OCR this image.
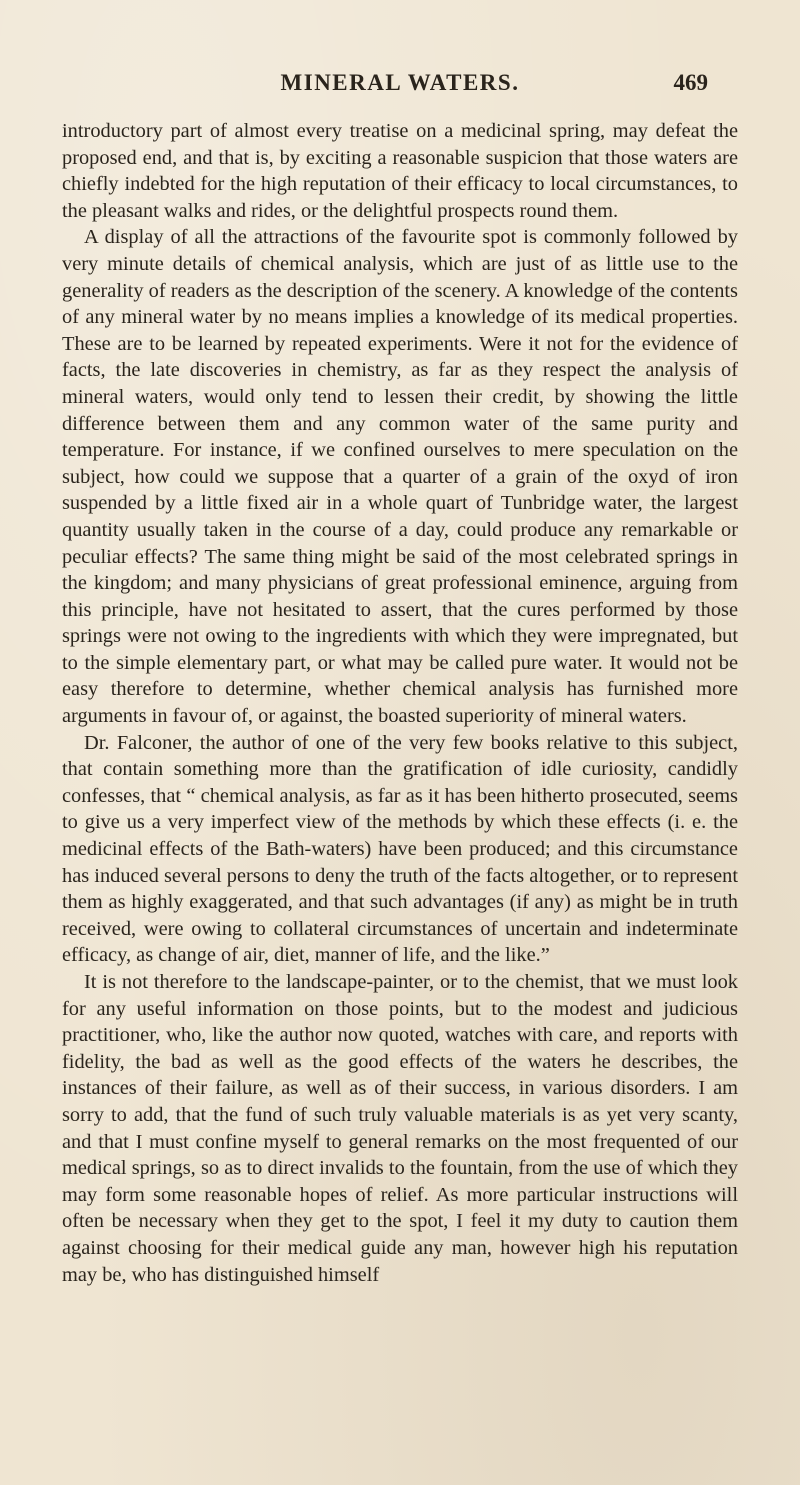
MINERAL WATERS.	469

introductory part of almost every treatise on a medicinal spring, may defeat the proposed end, and that is, by exciting a reasonable suspicion that those waters are chiefly indebted for the high reputation of their efficacy to local circumstances, to the pleasant walks and rides, or the delightful prospects round them.

A display of all the attractions of the favourite spot is commonly followed by very minute details of chemical analysis, which are just of as little use to the generality of readers as the description of the scenery. A knowledge of the contents of any mineral water by no means implies a knowledge of its medical properties. These are to be learned by repeated experiments. Were it not for the evidence of facts, the late discoveries in chemistry, as far as they respect the analysis of mineral waters, would only tend to lessen their credit, by showing the little difference between them and any common water of the same purity and temperature. For instance, if we confined ourselves to mere speculation on the subject, how could we suppose that a quarter of a grain of the oxyd of iron suspended by a little fixed air in a whole quart of Tunbridge water, the largest quantity usually taken in the course of a day, could produce any remarkable or peculiar effects? The same thing might be said of the most celebrated springs in the kingdom; and many physicians of great professional eminence, arguing from this principle, have not hesitated to assert, that the cures performed by those springs were not owing to the ingredients with which they were impregnated, but to the simple elementary part, or what may be called pure water. It would not be easy therefore to determine, whether chemical analysis has furnished more arguments in favour of, or against, the boasted superiority of mineral waters.

Dr. Falconer, the author of one of the very few books relative to this subject, that contain something more than the gratification of idle curiosity, candidly confesses, that “ chemical analysis, as far as it has been hitherto prosecuted, seems to give us a very imperfect view of the methods by which these effects (i. e. the medicinal effects of the Bath-waters) have been produced; and this circumstance has induced several persons to deny the truth of the facts altogether, or to represent them as highly exaggerated, and that such advantages (if any) as might be in truth received, were owing to collateral circumstances of uncertain and indeterminate efficacy, as change of air, diet, manner of life, and the like.”

It is not therefore to the landscape-painter, or to the chemist, that we must look for any useful information on those points, but to the modest and judicious practitioner, who, like the author now quoted, watches with care, and reports with fidelity, the bad as well as the good effects of the waters he describes, the instances of their failure, as well as of their success, in various disorders. I am sorry to add, that the fund of such truly valuable materials is as yet very scanty, and that I must confine myself to general remarks on the most frequented of our medical springs, so as to direct invalids to the fountain, from the use of which they may form some reasonable hopes of relief. As more particular instructions will often be necessary when they get to the spot, I feel it my duty to caution them against choosing for their medical guide any man, however high his reputation may be, who has distinguished himself
